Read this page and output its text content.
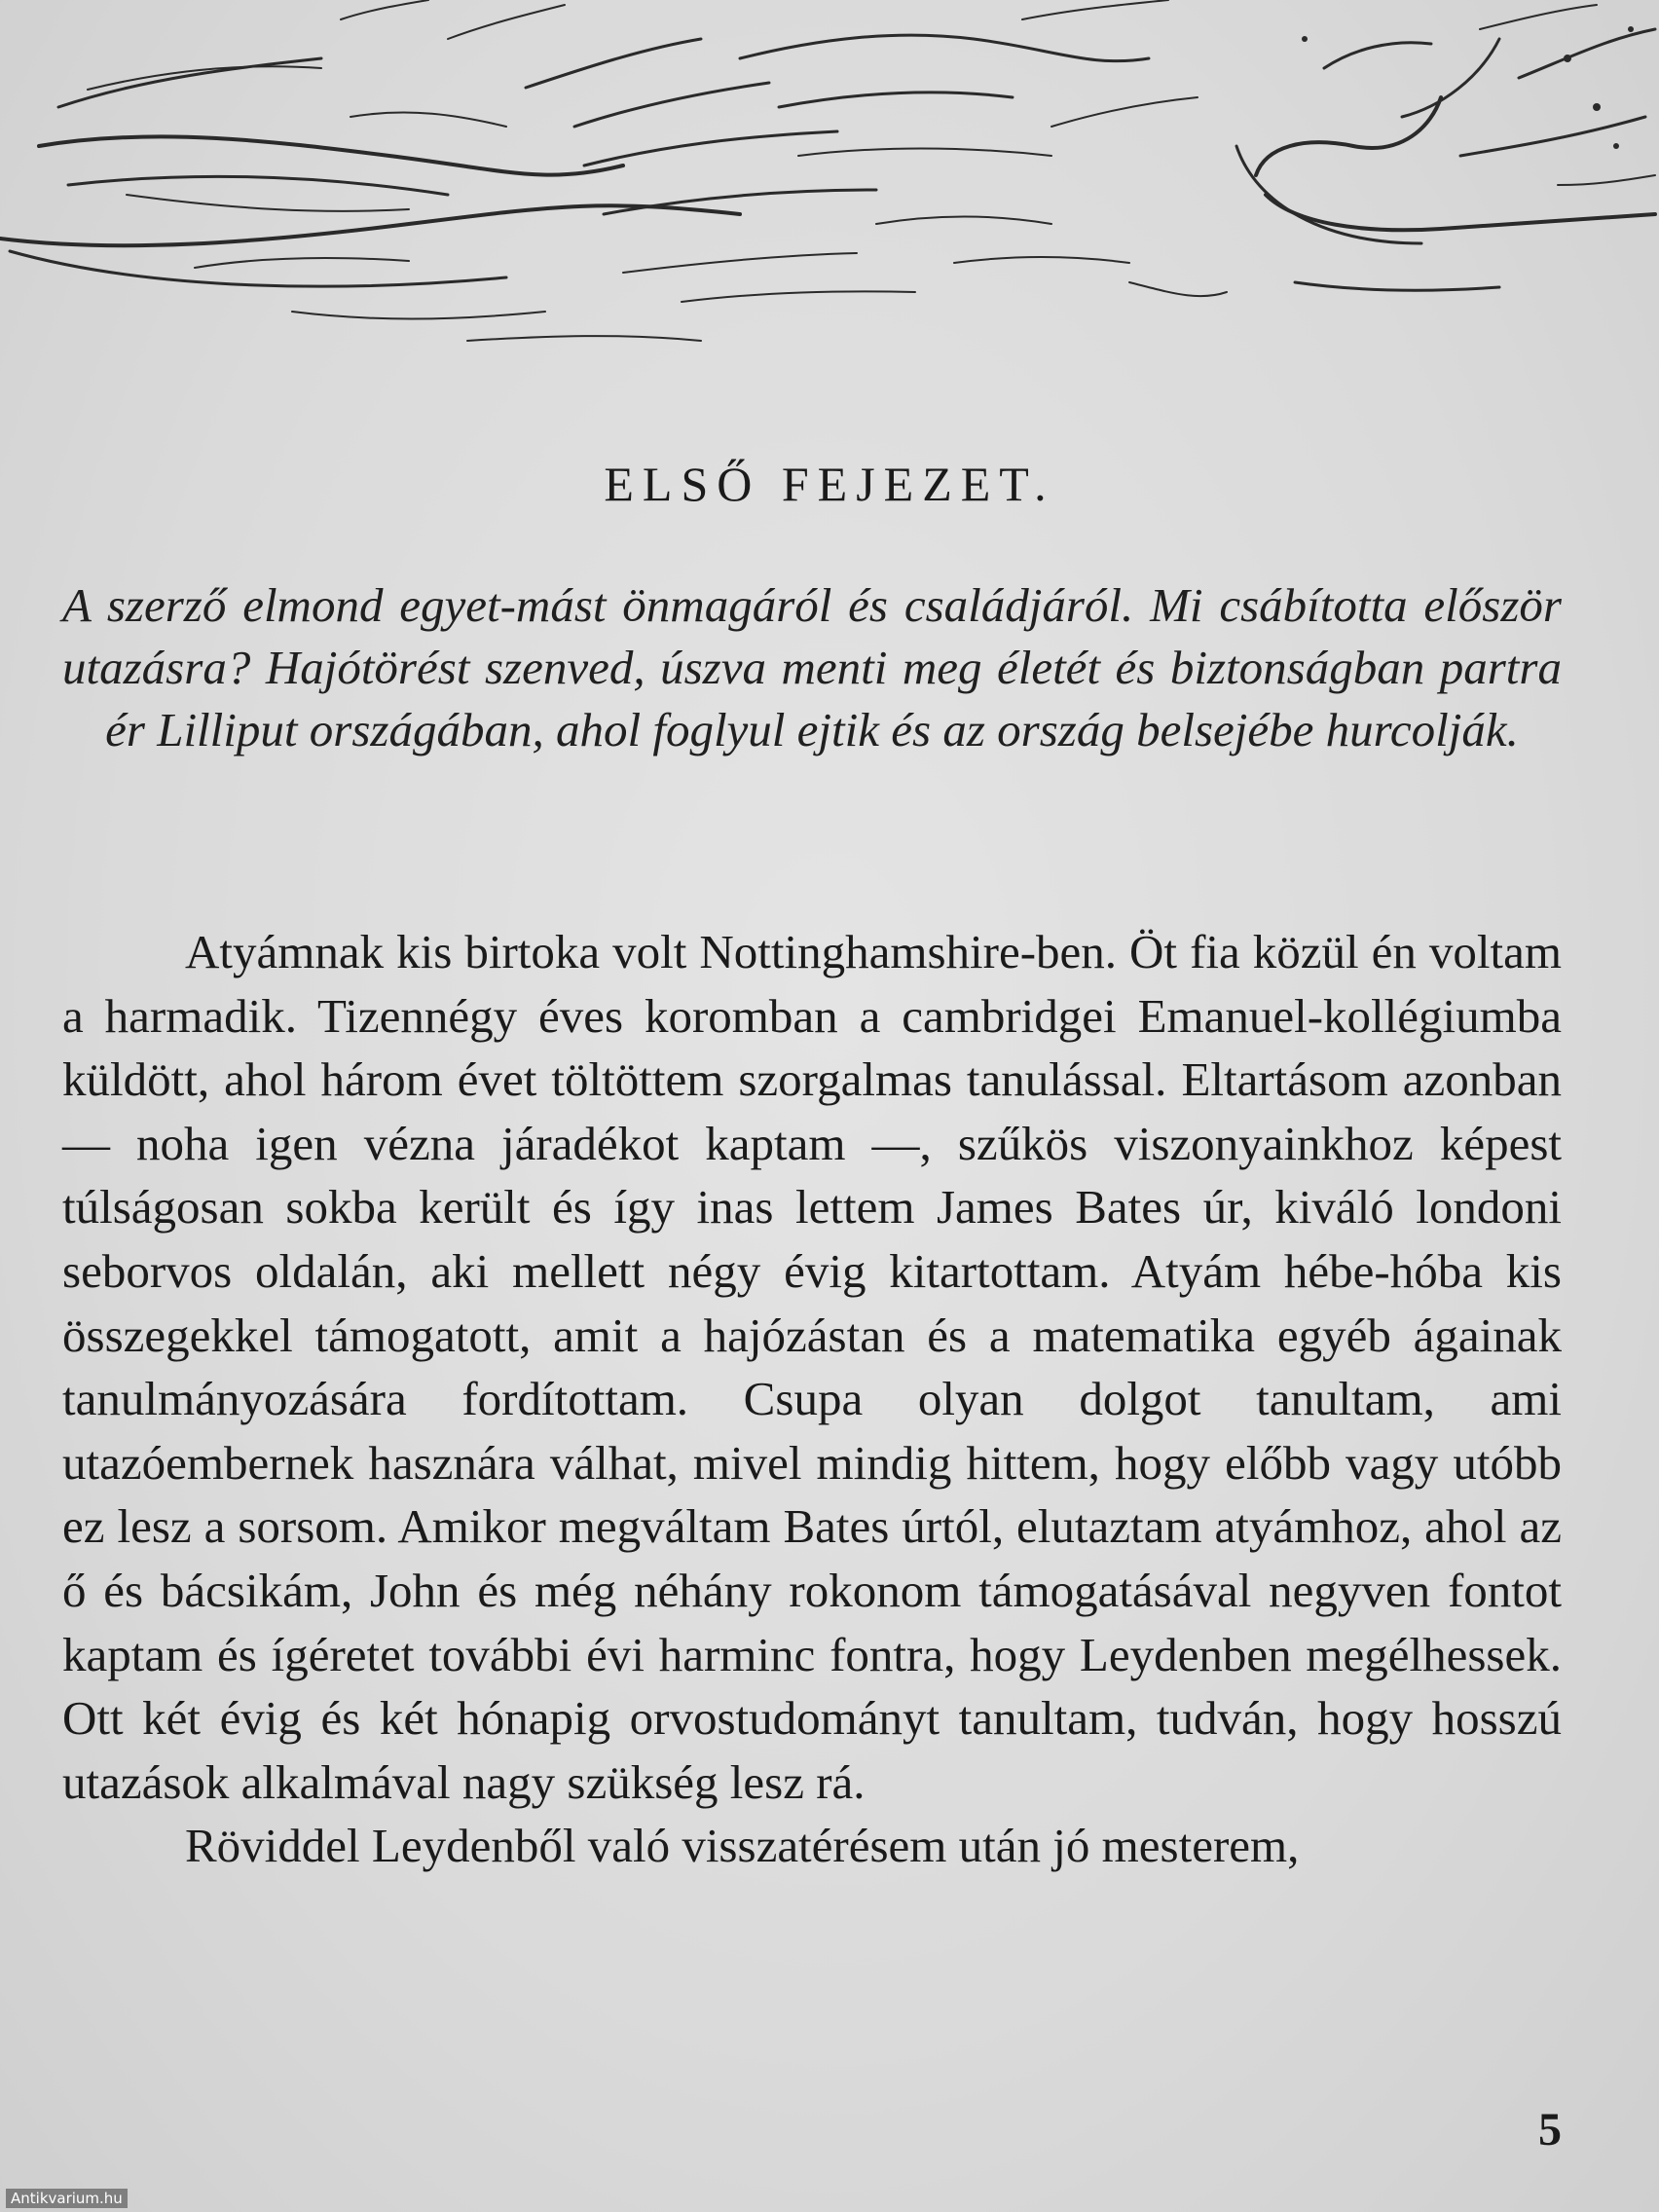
ELSŐ FEJEZET.

A szerző elmond egyet-mást önmagáról és családjáról. Mi csábította először utazásra? Hajótörést szenved, úszva menti meg életét és biztonságban partra ér Lilliput országában, ahol foglyul ejtik és az ország belsejébe hurcolják.

Atyámnak kis birtoka volt Nottinghamshire-ben. Öt fia közül én voltam a harmadik. Tizennégy éves koromban a cambridgei Emanuel-kollégiumba küldött, ahol három évet töltöttem szorgalmas tanulással. Eltartásom azonban — noha igen vézna járadékot kaptam —, szűkös viszonyainkhoz képest túlságosan sokba került és így inas lettem James Bates úr, kiváló londoni seborvos oldalán, aki mellett négy évig kitartottam. Atyám hébe-hóba kis összegekkel támogatott, amit a hajózástan és a matematika egyéb ágainak tanulmányozására fordítottam. Csupa olyan dolgot tanultam, ami utazóembernek hasznára válhat, mivel mindig hittem, hogy előbb vagy utóbb ez lesz a sorsom. Amikor megváltam Bates úrtól, elutaztam atyámhoz, ahol az ő és bácsikám, John és még néhány rokonom támogatásával negyven fontot kaptam és ígéretet további évi harminc fontra, hogy Leydenben megélhessek. Ott két évig és két hónapig orvostudományt tanultam, tudván, hogy hosszú utazások alkalmával nagy szükség lesz rá.

Röviddel Leydenből való visszatérésem után jó mesterem,

5
Antikvarium.hu
